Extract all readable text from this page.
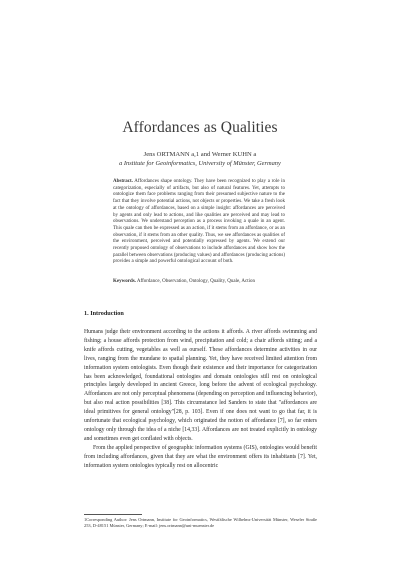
Affordances as Qualities
Jens ORTMANN a,1 and Werner KUHN a
a Institute for Geoinformatics, University of Münster, Germany
Abstract. Affordances shape ontology. They have been recognized to play a role in categorization, especially of artifacts, but also of natural features. Yet, attempts to ontologize them face problems ranging from their presumed subjective nature to the fact that they involve potential actions, not objects or properties. We take a fresh look at the ontology of affordances, based on a simple insight: affordances are perceived by agents and only lead to actions, and like qualities are perceived and may lead to observations. We understand perception as a process invoking a quale in an agent. This quale can then be expressed as an action, if it stems from an affordance, or as an observation, if it stems from an other quality. Thus, we see affordances as qualities of the environment, perceived and potentially expressed by agents. We extend our recently proposed ontology of observations to include affordances and show how the parallel between observations (producing values) and affordances (producing actions) provides a simple and powerful ontological account of both.
Keywords. Affordance, Observation, Ontology, Quality, Quale, Action
1. Introduction

Humans judge their environment according to the actions it affords. A river affords swimming and fishing; a house affords protection from wind, precipitation and cold; a chair affords sitting; and a knife affords cutting, vegetables as well as ourself. These affordances determine activities in our lives, ranging from the mundane to spatial planning. Yet, they have received limited attention from information system ontologists. Even though their existence and their importance for categorization has been acknowledged, foundational ontologies and domain ontologies still rest on ontological principles largely developed in ancient Greece, long before the advent of ecological psychology. Affordances are not only perceptual phenomena (depending on perception and influencing behavior), but also real action possibilities [38]. This circumstance led Sanders to state that "affordances are ideal primitives for general ontology"[28, p. 103]. Even if one does not want to go that far, it is unfortunate that ecological psychology, which originated the notion of affordance [7], so far enters ontology only through the idea of a niche [14,33]. Affordances are not treated explicitly in ontology and sometimes even get conflated with objects.

From the applied perspective of geographic information systems (GIS), ontologies would benefit from including affordances, given that they are what the environment offers its inhabitants [7]. Yet, information system ontologies typically rest on allocentric

1Corresponding Author: Jens Ortmann, Institute for Geoinformatics, Westfälische Wilhelms-Universität Münster, Weseler Straße 253, D-48151 Münster, Germany; E-mail: jens.ortmann@uni-muenster.de
